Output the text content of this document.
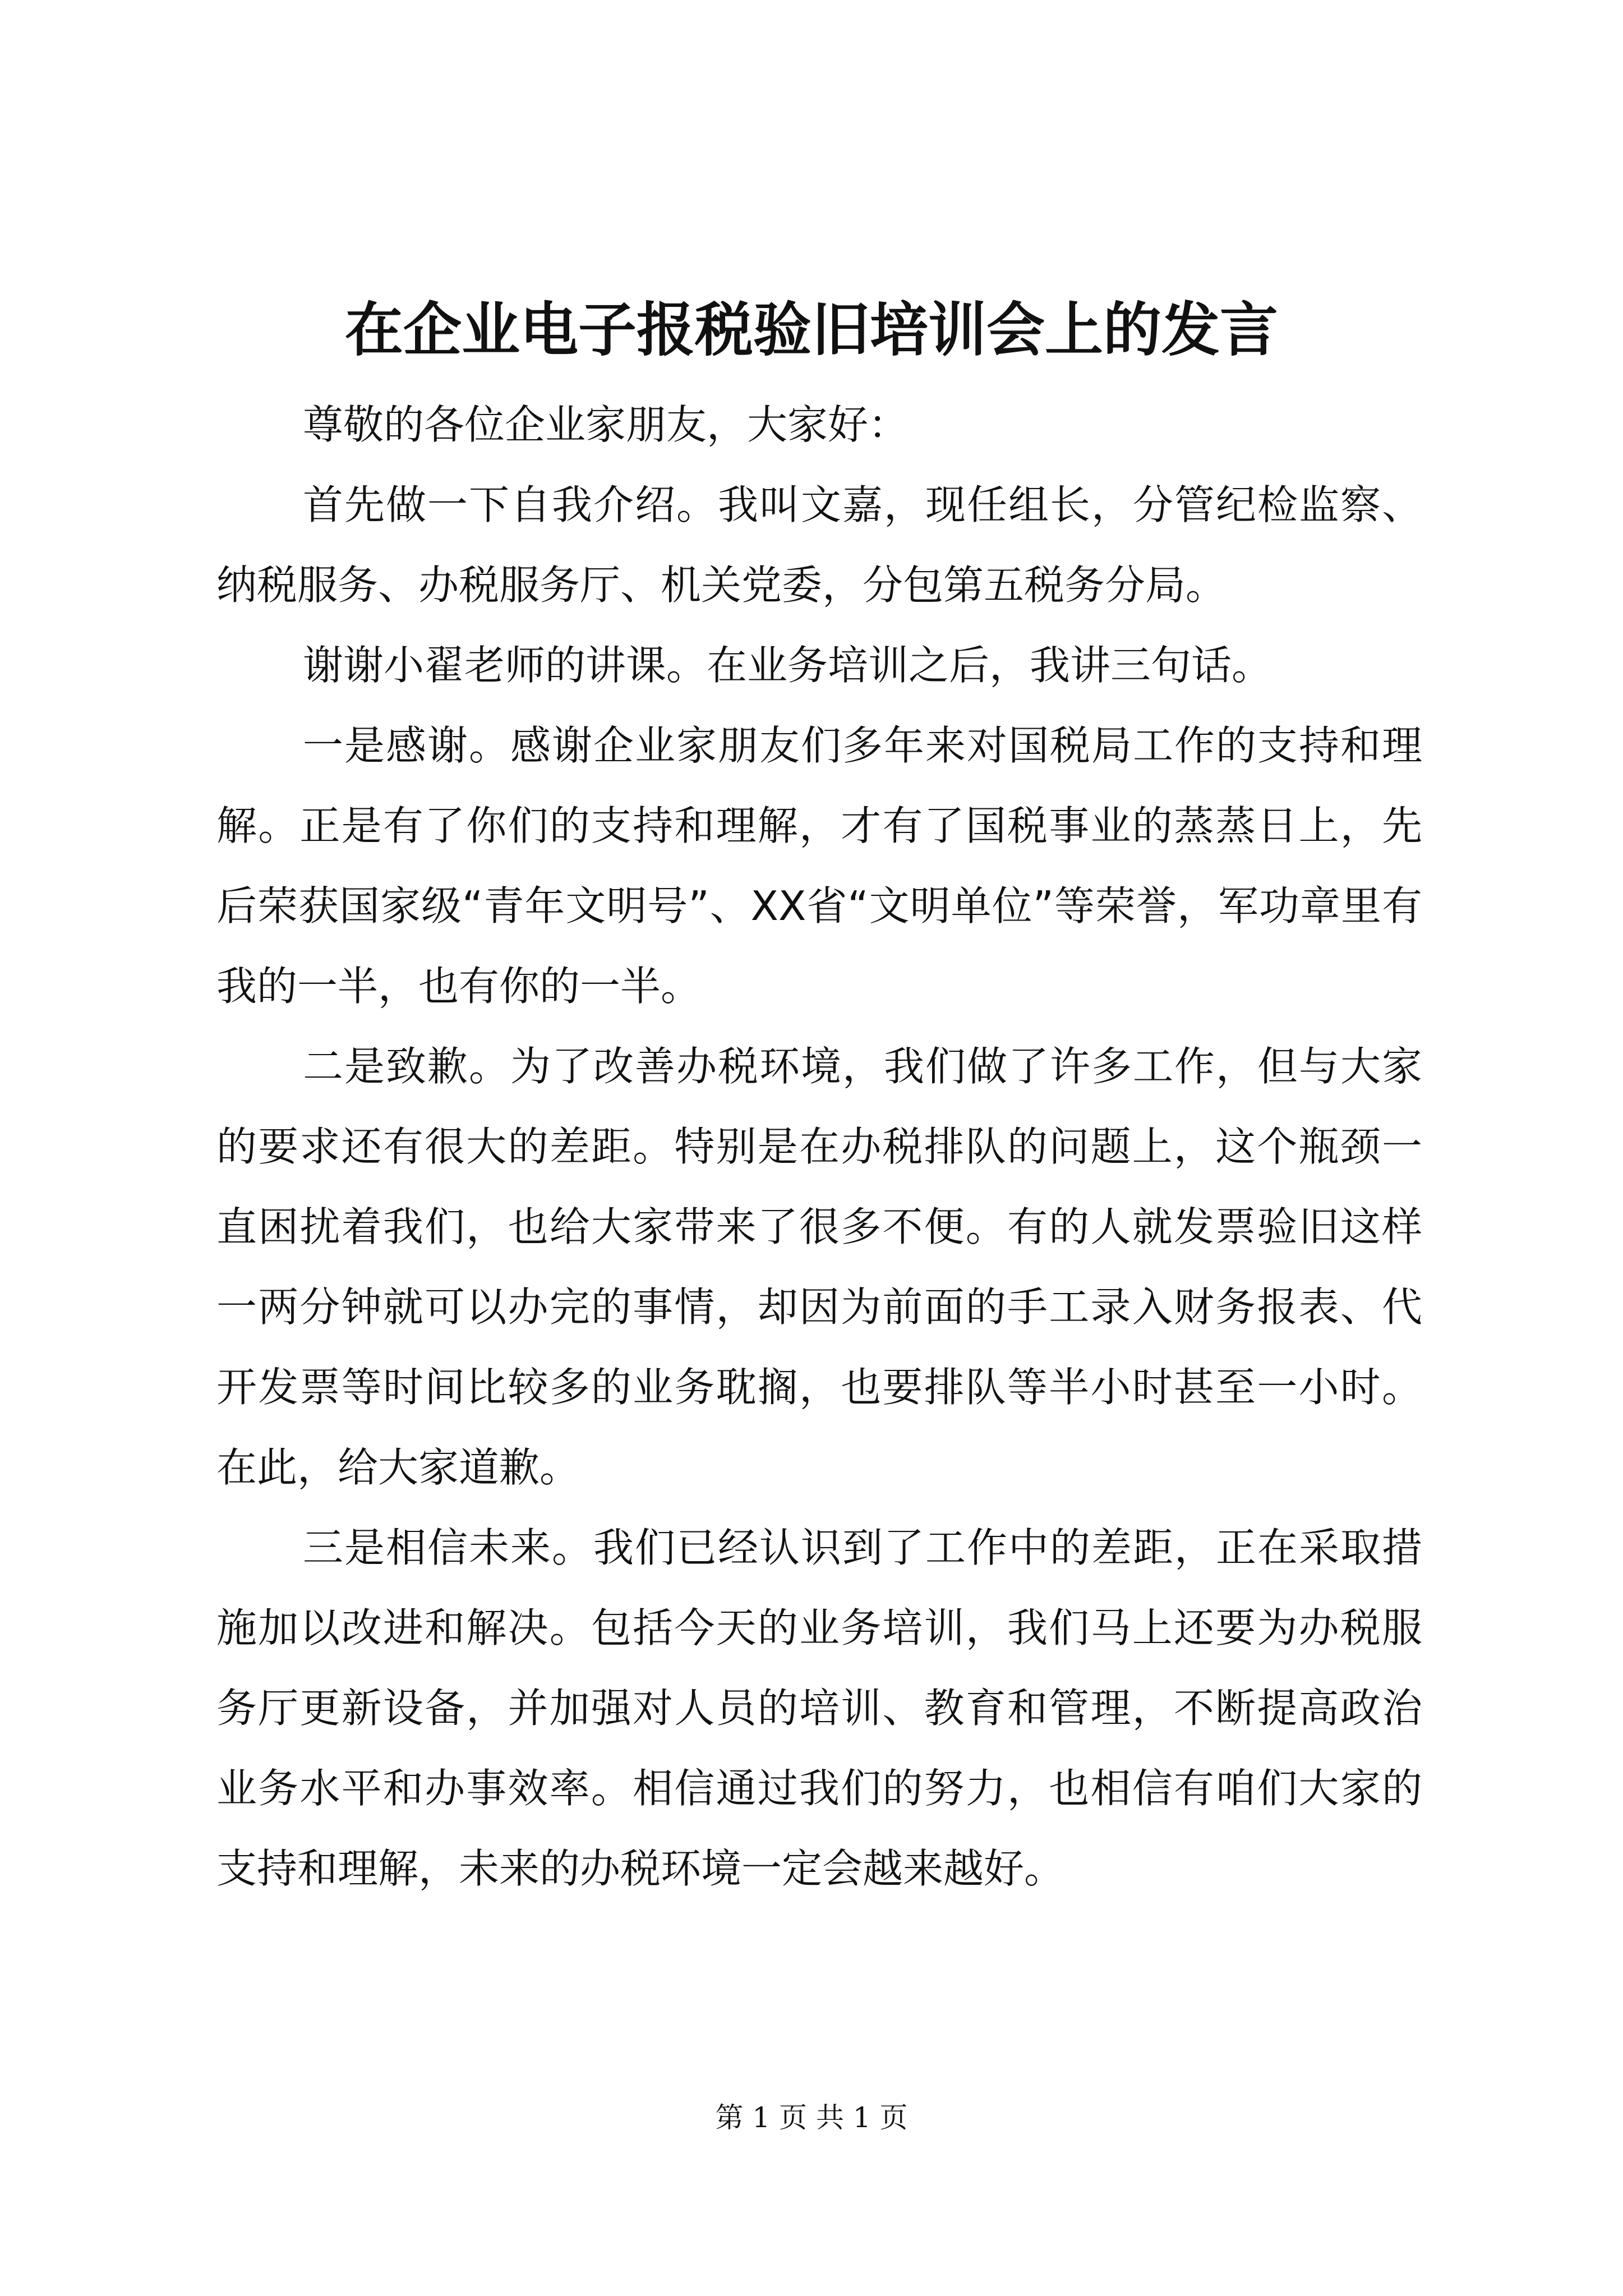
在企业电子报税验旧培训会上的发言

尊敬的各位企业家朋友，大家好：

首先做一下自我介绍。我叫文嘉，现任组长，分管纪检监察、纳税服务、办税服务厅、机关党委，分包第五税务分局。

谢谢小翟老师的讲课。在业务培训之后，我讲三句话。

一是感谢。感谢企业家朋友们多年来对国税局工作的支持和理解。正是有了你们的支持和理解，才有了国税事业的蒸蒸日上，先后荣获国家级“青年文明号”、XX省“文明单位”等荣誉，军功章里有我的一半，也有你的一半。

二是致歉。为了改善办税环境，我们做了许多工作，但与大家的要求还有很大的差距。特别是在办税排队的问题上，这个瓶颈一直困扰着我们，也给大家带来了很多不便。有的人就发票验旧这样一两分钟就可以办完的事情，却因为前面的手工录入财务报表、代开发票等时间比较多的业务耽搁，也要排队等半小时甚至一小时。在此，给大家道歉。

三是相信未来。我们已经认识到了工作中的差距，正在采取措施加以改进和解决。包括今天的业务培训，我们马上还要为办税服务厅更新设备，并加强对人员的培训、教育和管理，不断提高政治业务水平和办事效率。相信通过我们的努力，也相信有咱们大家的支持和理解，未来的办税环境一定会越来越好。

第 1 页 共 1 页
